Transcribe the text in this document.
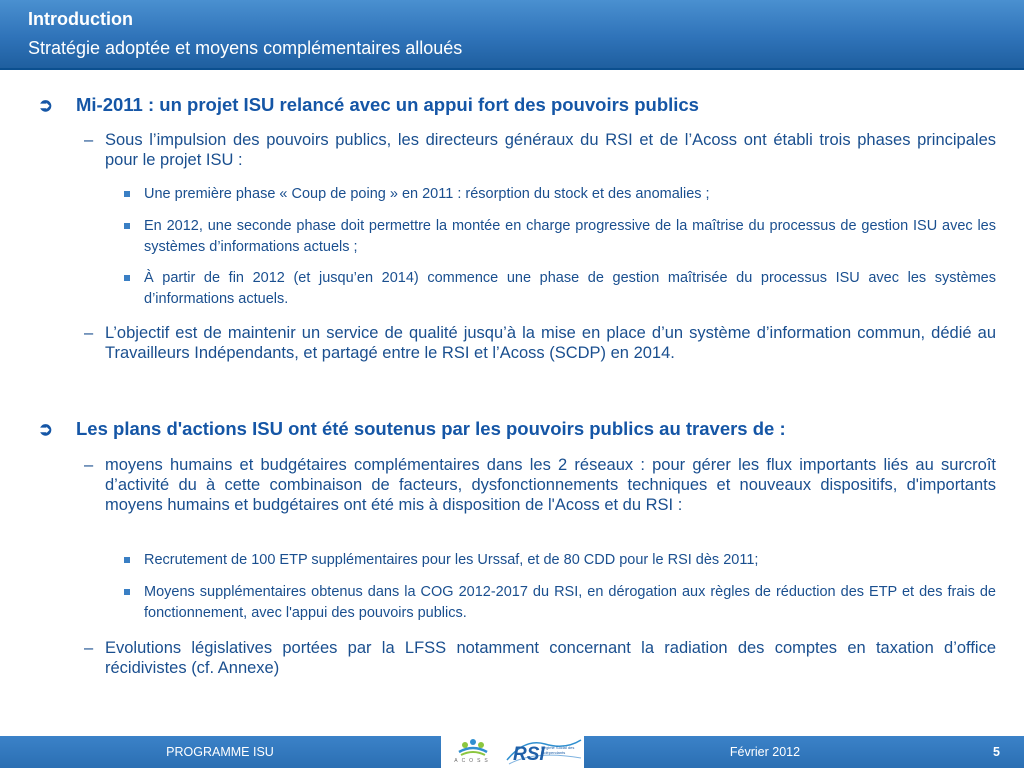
Introduction
Stratégie adoptée et moyens complémentaires alloués
➲ Mi-2011 : un projet ISU relancé avec un appui fort des pouvoirs publics
– Sous l’impulsion des pouvoirs publics, les directeurs généraux du RSI et de l’Acoss ont établi trois phases principales pour le projet ISU :
Une première phase « Coup de poing » en 2011 : résorption du stock et des anomalies ;
En 2012, une seconde phase doit permettre la montée en charge progressive de la maîtrise du processus de gestion ISU avec les systèmes d’informations actuels ;
À partir de fin 2012 (et jusqu’en 2014) commence une phase de gestion maîtrisée du processus ISU avec les systèmes d’informations actuels.
– L’objectif est de maintenir un service de qualité jusqu’à la mise en place d’un système d’information commun, dédié au Travailleurs Indépendants, et partagé entre le RSI et l’Acoss (SCDP) en 2014.
➲ Les plans d'actions ISU ont été soutenus par les pouvoirs publics au travers de :
– moyens humains et budgétaires complémentaires dans les 2 réseaux : pour gérer les flux importants liés au surcroît d’activité du à cette combinaison de facteurs, dysfonctionnements techniques et nouveaux dispositifs, d'importants moyens humains et budgétaires ont été mis à disposition de l'Acoss et du RSI :
Recrutement de 100 ETP supplémentaires pour les Urssaf, et de 80 CDD pour le RSI dès 2011;
Moyens supplémentaires obtenus dans la COG 2012-2017 du RSI, en dérogation aux règles de réduction des ETP et des frais de fonctionnement, avec l'appui des pouvoirs publics.
– Evolutions législatives portées par la LFSS notamment concernant la radiation des comptes en taxation d’office récidivistes (cf. Annexe)
PROGRAMME ISU
ACOSS	RSI
Régime Social des Indépendants	Février 2012	5
